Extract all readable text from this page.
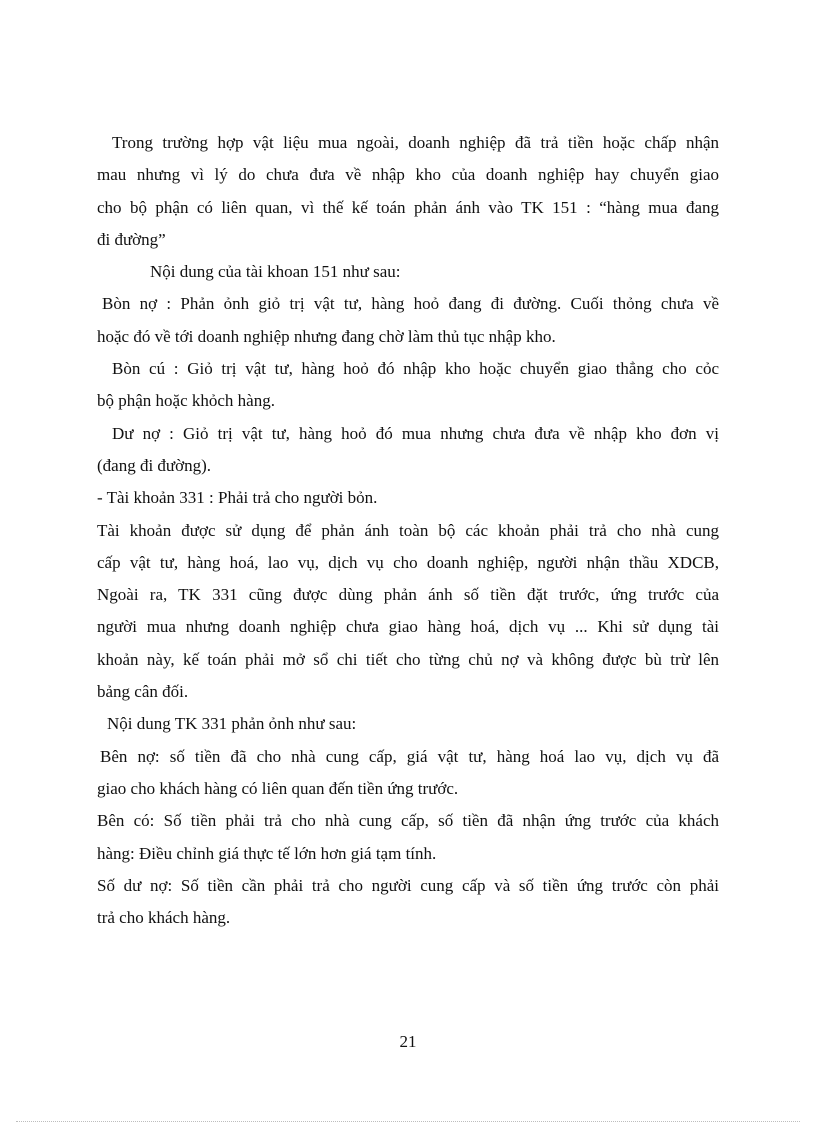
Trong trường hợp vật liệu mua ngoài, doanh nghiệp đã trả tiền hoặc chấp nhận
mau nhưng vì lý do chưa đưa về nhập kho của doanh nghiệp hay chuyển giao
cho bộ phận có liên quan, vì thế kế toán phản ánh vào TK 151 : “hàng mua đang
đi đường”
Nội dung của tài khoan 151 như sau:
Bòn nợ : Phản ỏnh giỏ trị vật tư, hàng hoỏ đang đi đường. Cuối thỏng chưa về
hoặc đó về tới doanh nghiệp nhưng đang chờ làm thủ tục nhập kho.
Bòn cú : Giỏ trị vật tư, hàng hoỏ đó nhập kho hoặc chuyển giao thẳng cho cỏc
bộ phận hoặc khỏch hàng.
Dư nợ : Giỏ trị vật tư, hàng hoỏ đó mua nhưng chưa đưa về nhập kho đơn vị
(đang đi đường).
- Tài khoản 331 : Phải trả cho người bỏn.
Tài khoản được sử dụng để phản ánh toàn bộ các khoản phải trả cho nhà cung
cấp vật tư, hàng hoá, lao vụ, dịch vụ cho doanh nghiệp, người nhận thầu XDCB,
Ngoài ra, TK 331 cũng được dùng phản ánh số tiền đặt trước, ứng trước của
người mua nhưng doanh nghiệp chưa giao hàng hoá, dịch vụ ... Khi sử dụng tài
khoản này, kế toán phải mở sổ chi tiết cho từng chủ nợ và không được bù trừ lên
bảng cân đối.
Nội dung TK 331 phản ỏnh như sau:
Bên nợ: số tiền đã cho nhà cung cấp, giá vật tư, hàng hoá lao vụ, dịch vụ đã
giao cho khách hàng có liên quan đến tiền ứng trước.
Bên có: Số tiền phải trả cho nhà cung cấp, số tiền đã nhận ứng trước của khách
hàng: Điều chỉnh giá thực tế lớn hơn giá tạm tính.
Số dư nợ: Số tiền cần phải trả cho người cung cấp và số tiền ứng trước còn phải
trả cho khách hàng.
21
